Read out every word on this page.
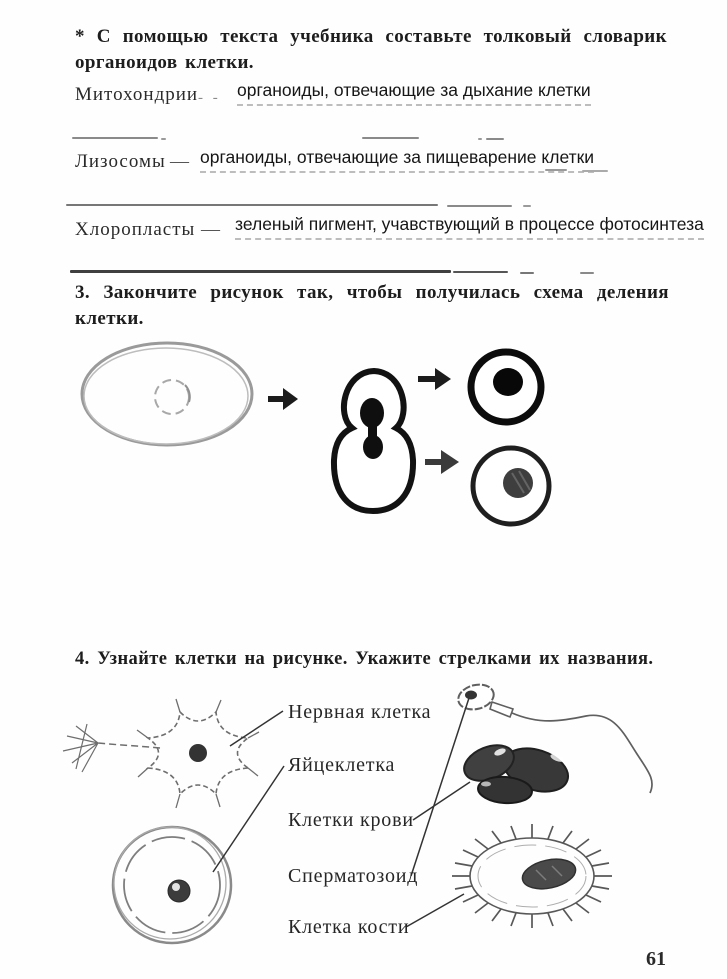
* С помощью текста учебника составьте толковый словарик органоидов клетки.

Митохондрии - - органоиды, отвечающие за дыхание клетки
Лизосомы — органоиды, отвечающие за пищеварение клетки
Хлоропласты — зеленый пигмент, учавствующий в процессе фотосинтеза

3. Закончите рисунок так, чтобы получилась схема деления клетки.

4. Узнайте клетки на рисунке. Укажите стрелками их названия.

Нервная клетка
Яйцеклетка
Клетки крови
Сперматозоид
Клетка кости
61
